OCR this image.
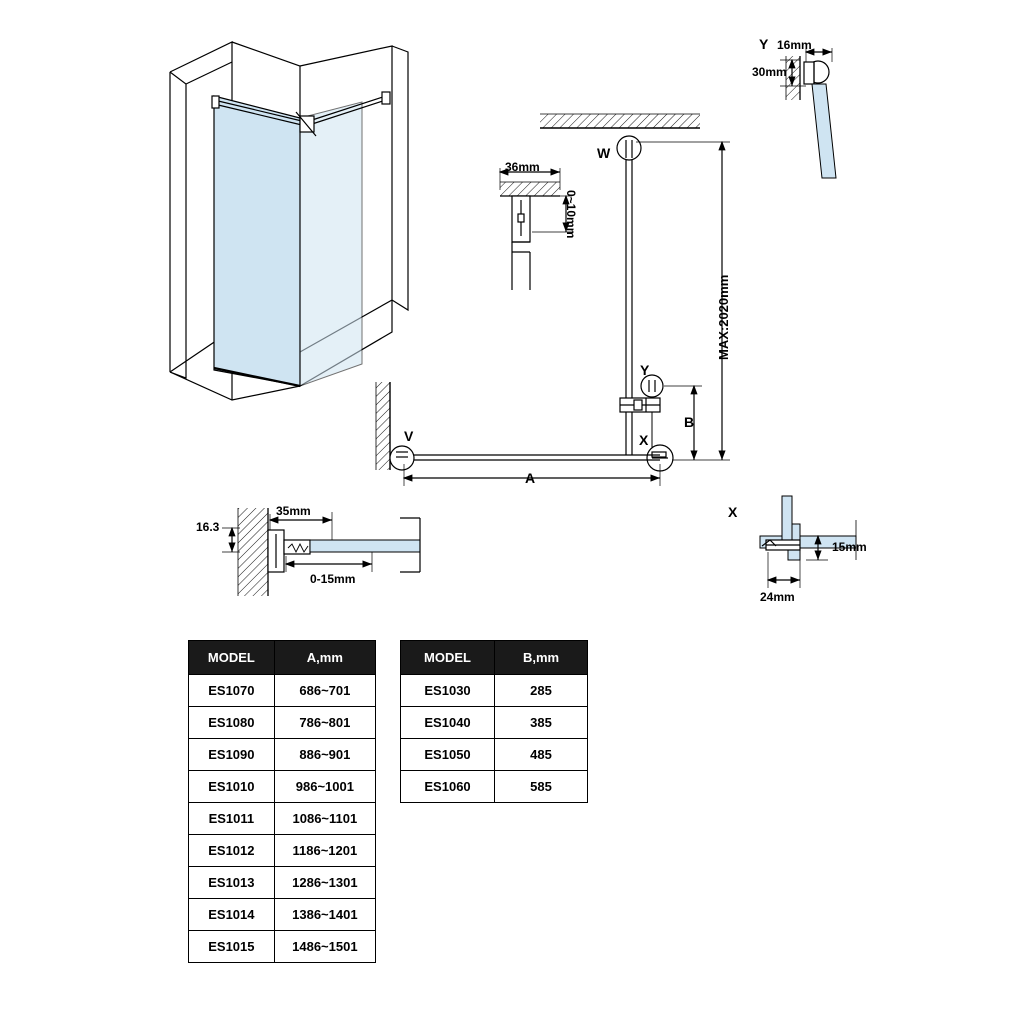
Y 16mm
30mm
36mm
0~10mm
W
V
Y
X
MAX:2020mm
B
A
16.3
35mm
0-15mm
X
15mm
24mm
MODEL	A,mm
ES1070	686~701
ES1080	786~801
ES1090	886~901
ES1010	986~1001
ES1011	1086~1101
ES1012	1186~1201
ES1013	1286~1301
ES1014	1386~1401
ES1015	1486~1501
MODEL	B,mm
ES1030	285
ES1040	385
ES1050	485
ES1060	585
